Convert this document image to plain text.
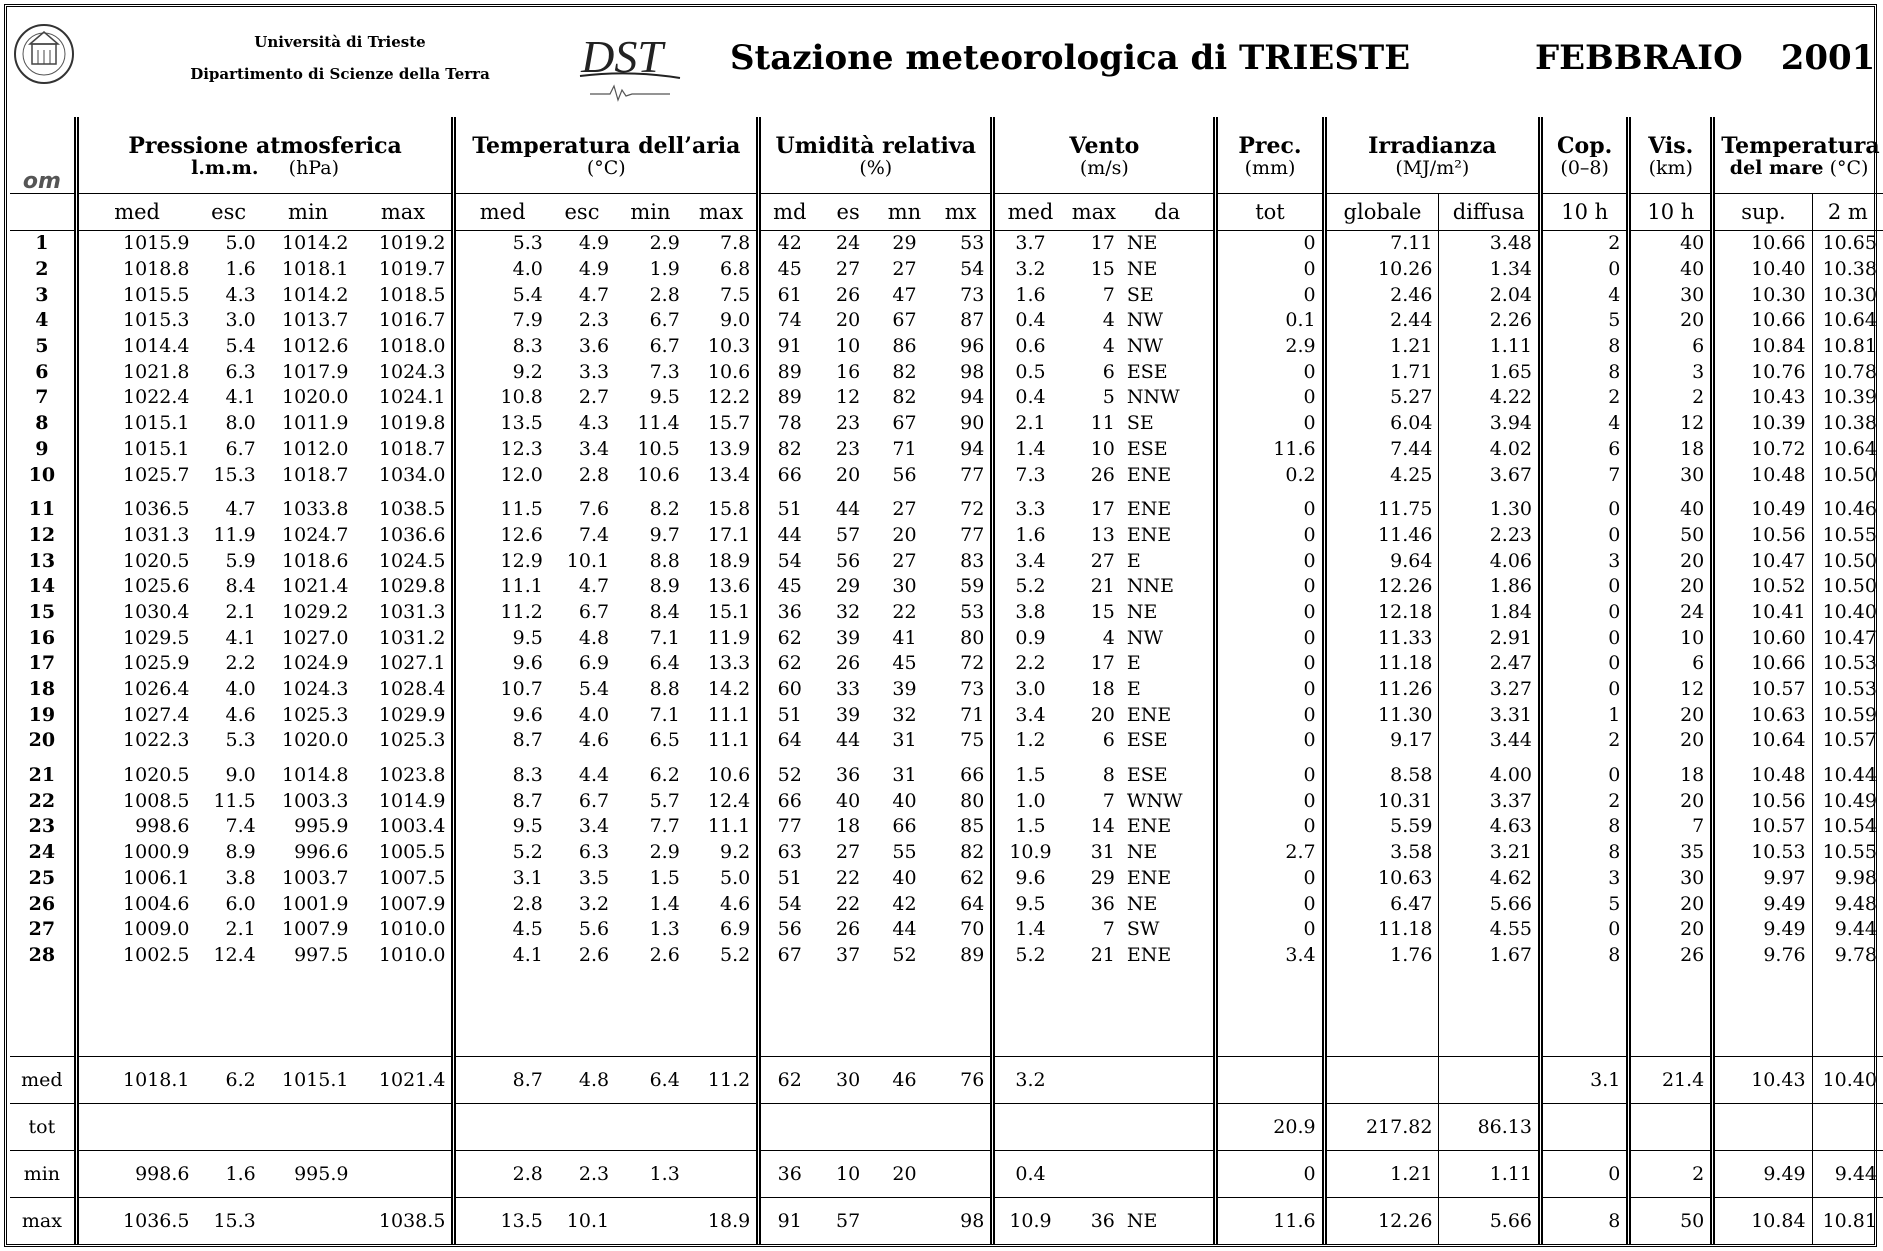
Università di Trieste
Dipartimento di Scienze della Terra	DST Stazione meteorologica di TRIESTE	FEBBRAIO 2001
om	Pressione atmosferica				Temperatura dell’aria				Umidità relativa				Vento			Prec.	Irradianza		Cop.	Vis.	Temperatura	
	l.m.m. (hPa)				(°C)				(%)				(m/s)			(mm)	(MJ/m²)		(0–8)	(km)	del mare (°C)	
	med	esc	min	max	med	esc	min	max	md	es	mn	mx	med	max	da	tot	globale	diffusa	10 h	10 h	sup.	2 m
1	1015.9	5.0	1014.2	1019.2	5.3	4.9	2.9	7.8	42	24	29	53	3.7	17	NE	0	7.11	3.48	2	40	10.66	10.65
2	1018.8	1.6	1018.1	1019.7	4.0	4.9	1.9	6.8	45	27	27	54	3.2	15	NE	0	10.26	1.34	0	40	10.40	10.38
3	1015.5	4.3	1014.2	1018.5	5.4	4.7	2.8	7.5	61	26	47	73	1.6	7	SE	0	2.46	2.04	4	30	10.30	10.30
4	1015.3	3.0	1013.7	1016.7	7.9	2.3	6.7	9.0	74	20	67	87	0.4	4	NW	0.1	2.44	2.26	5	20	10.66	10.64
5	1014.4	5.4	1012.6	1018.0	8.3	3.6	6.7	10.3	91	10	86	96	0.6	4	NW	2.9	1.21	1.11	8	6	10.84	10.81
6	1021.8	6.3	1017.9	1024.3	9.2	3.3	7.3	10.6	89	16	82	98	0.5	6	ESE	0	1.71	1.65	8	3	10.76	10.78
7	1022.4	4.1	1020.0	1024.1	10.8	2.7	9.5	12.2	89	12	82	94	0.4	5	NNW	0	5.27	4.22	2	2	10.43	10.39
8	1015.1	8.0	1011.9	1019.8	13.5	4.3	11.4	15.7	78	23	67	90	2.1	11	SE	0	6.04	3.94	4	12	10.39	10.38
9	1015.1	6.7	1012.0	1018.7	12.3	3.4	10.5	13.9	82	23	71	94	1.4	10	ESE	11.6	7.44	4.02	6	18	10.72	10.64
10	1025.7	15.3	1018.7	1034.0	12.0	2.8	10.6	13.4	66	20	56	77	7.3	26	ENE	0.2	4.25	3.67	7	30	10.48	10.50

11	1036.5	4.7	1033.8	1038.5	11.5	7.6	8.2	15.8	51	44	27	72	3.3	17	ENE	0	11.75	1.30	0	40	10.49	10.46
12	1031.3	11.9	1024.7	1036.6	12.6	7.4	9.7	17.1	44	57	20	77	1.6	13	ENE	0	11.46	2.23	0	50	10.56	10.55
13	1020.5	5.9	1018.6	1024.5	12.9	10.1	8.8	18.9	54	56	27	83	3.4	27	E	0	9.64	4.06	3	20	10.47	10.50
14	1025.6	8.4	1021.4	1029.8	11.1	4.7	8.9	13.6	45	29	30	59	5.2	21	NNE	0	12.26	1.86	0	20	10.52	10.50
15	1030.4	2.1	1029.2	1031.3	11.2	6.7	8.4	15.1	36	32	22	53	3.8	15	NE	0	12.18	1.84	0	24	10.41	10.40
16	1029.5	4.1	1027.0	1031.2	9.5	4.8	7.1	11.9	62	39	41	80	0.9	4	NW	0	11.33	2.91	0	10	10.60	10.47
17	1025.9	2.2	1024.9	1027.1	9.6	6.9	6.4	13.3	62	26	45	72	2.2	17	E	0	11.18	2.47	0	6	10.66	10.53
18	1026.4	4.0	1024.3	1028.4	10.7	5.4	8.8	14.2	60	33	39	73	3.0	18	E	0	11.26	3.27	0	12	10.57	10.53
19	1027.4	4.6	1025.3	1029.9	9.6	4.0	7.1	11.1	51	39	32	71	3.4	20	ENE	0	11.30	3.31	1	20	10.63	10.59
20	1022.3	5.3	1020.0	1025.3	8.7	4.6	6.5	11.1	64	44	31	75	1.2	6	ESE	0	9.17	3.44	2	20	10.64	10.57

21	1020.5	9.0	1014.8	1023.8	8.3	4.4	6.2	10.6	52	36	31	66	1.5	8	ESE	0	8.58	4.00	0	18	10.48	10.44
22	1008.5	11.5	1003.3	1014.9	8.7	6.7	5.7	12.4	66	40	40	80	1.0	7	WNW	0	10.31	3.37	2	20	10.56	10.49
23	998.6	7.4	995.9	1003.4	9.5	3.4	7.7	11.1	77	18	66	85	1.5	14	ENE	0	5.59	4.63	8	7	10.57	10.54
24	1000.9	8.9	996.6	1005.5	5.2	6.3	2.9	9.2	63	27	55	82	10.9	31	NE	2.7	3.58	3.21	8	35	10.53	10.55
25	1006.1	3.8	1003.7	1007.5	3.1	3.5	1.5	5.0	51	22	40	62	9.6	29	ENE	0	10.63	4.62	3	30	9.97	9.98
26	1004.6	6.0	1001.9	1007.9	2.8	3.2	1.4	4.6	54	22	42	64	9.5	36	NE	0	6.47	5.66	5	20	9.49	9.48
27	1009.0	2.1	1007.9	1010.0	4.5	5.6	1.3	6.9	56	26	44	70	1.4	7	SW	0	11.18	4.55	0	20	9.49	9.44
28	1002.5	12.4	997.5	1010.0	4.1	2.6	2.6	5.2	67	37	52	89	5.2	21	ENE	3.4	1.76	1.67	8	26	9.76	9.78

med	1018.1	6.2	1015.1	1021.4	8.7	4.8	6.4	11.2	62	30	46	76	3.2						3.1	21.4	10.43	10.40
tot																20.9	217.82	86.13				
min	998.6	1.6	995.9		2.8	2.3	1.3		36	10	20		0.4			0	1.21	1.11	0	2	9.49	9.44
max	1036.5	15.3		1038.5	13.5	10.1		18.9	91	57		98	10.9	36	NE	11.6	12.26	5.66	8	50	10.84	10.81
